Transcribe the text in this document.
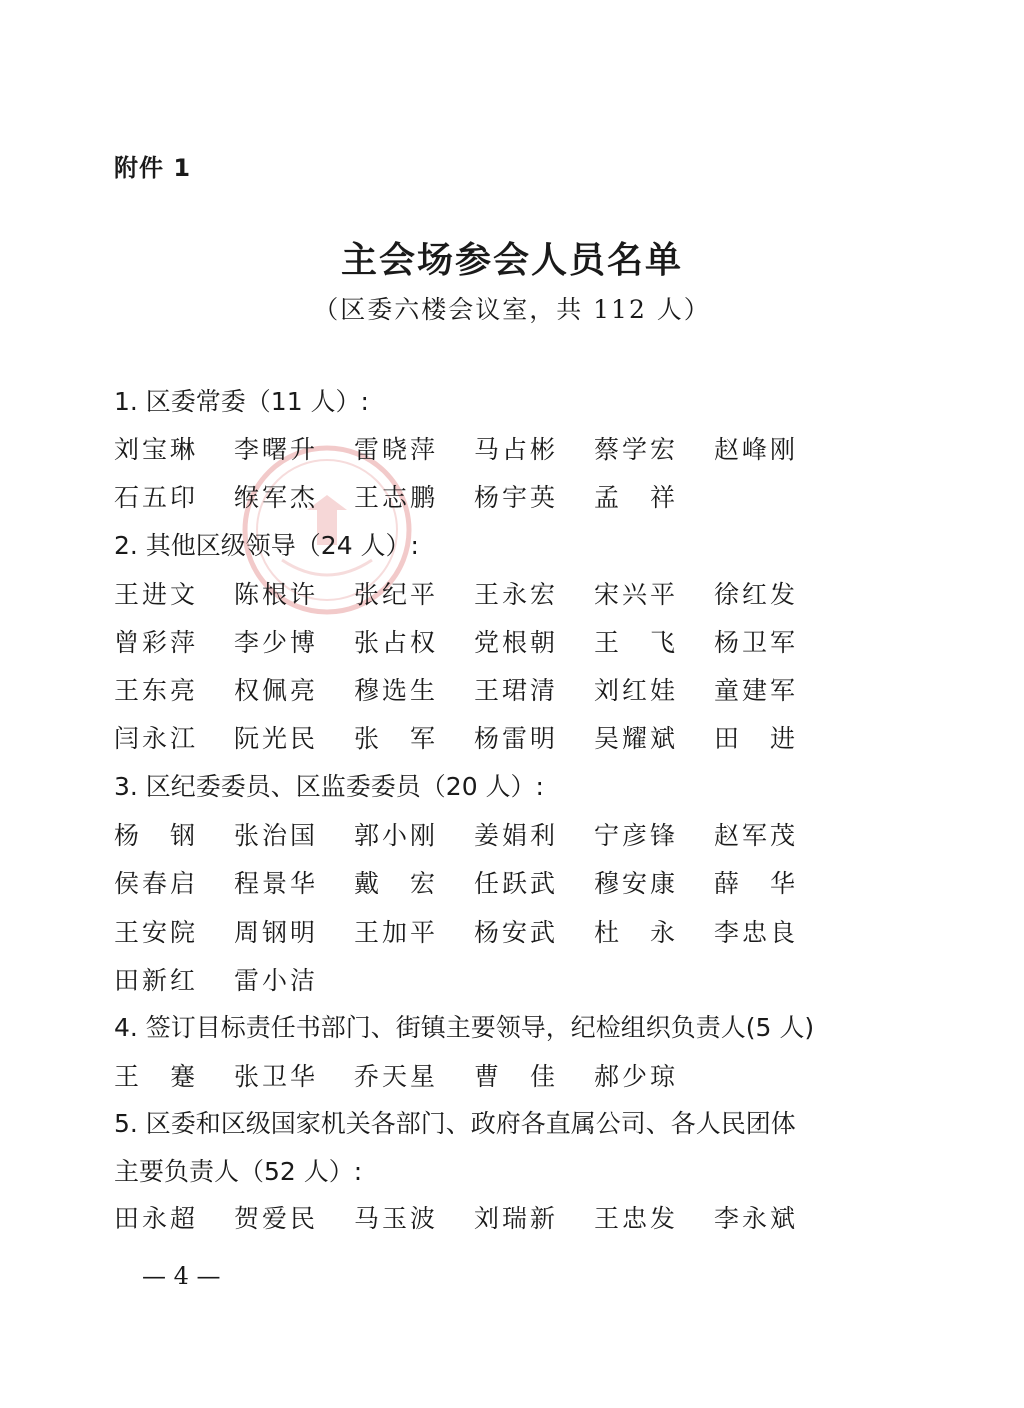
附件 1
主会场参会人员名单
（区委六楼会议室，共 112 人）
1. 区委常委（11 人）:
刘宝琳	李曙升	雷晓萍	马占彬	蔡学宏	赵峰刚
石五印	缑军杰	王志鹏	杨宇英	孟　祥
2. 其他区级领导（24 人）:
王进文	陈根许	张纪平	王永宏	宋兴平	徐红发
曾彩萍	李少博	张占权	党根朝	王　飞	杨卫军
王东亮	权佩亮	穆选生	王珺清	刘红娃	童建军
闫永江	阮光民	张　军	杨雷明	吴耀斌	田　进
3. 区纪委委员、区监委委员（20 人）:
杨　钢	张治国	郭小刚	姜娟利	宁彦锋	赵军茂
侯春启	程景华	戴　宏	任跃武	穆安康	薛　华
王安院	周钢明	王加平	杨安武	杜　永	李忠良
田新红	雷小洁
4. 签订目标责任书部门、街镇主要领导，纪检组织负责人(5 人)
王　蹇	张卫华	乔天星	曹　佳	郝少琼
5. 区委和区级国家机关各部门、政府各直属公司、各人民团体
主要负责人（52 人）:
田永超	贺爱民	马玉波	刘瑞新	王忠发	李永斌
— 4 —
